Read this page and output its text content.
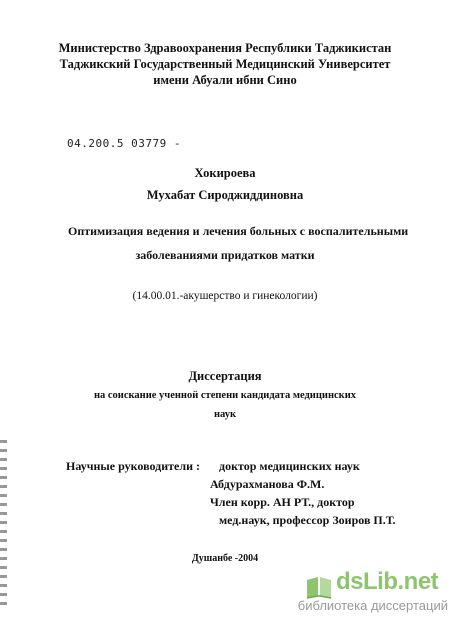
Министерство Здравоохранения Республики Таджикистан
Таджикский Государственный Медицинский Университет
имени Абуали ибни Сино
04.200.5 03779 -
Хокироева
Мухабат Сироджиддиновна
Оптимизация ведения и лечения больных с воспалительными
заболеваниями придатков матки
(14.00.01.-акушерство и гинекологии)
Диссертация
на соискание ученной степени кандидата медицинских
наук
Научные руководители : доктор медицинских наук
Абдурахманова Ф.М.
Член корр. АН РТ., доктор
мед.наук, профессор Зоиров П.Т.
Душанбе -2004
dsLib.net
библиотека диссертаций
